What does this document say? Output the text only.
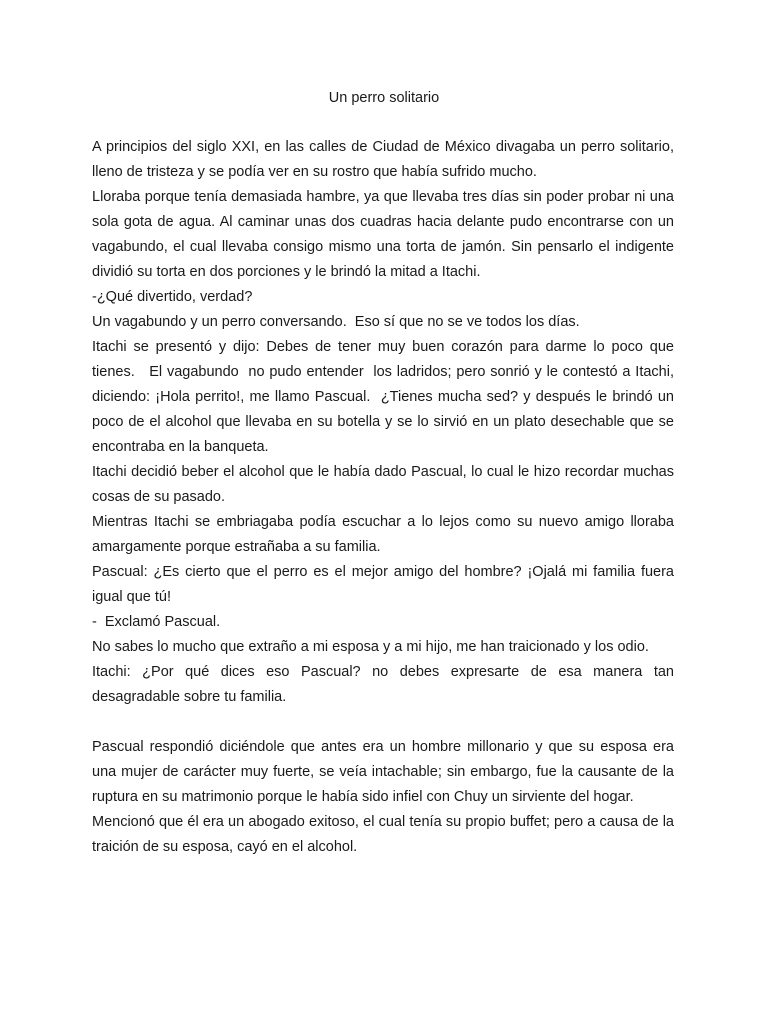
Un perro solitario

A principios del siglo XXI, en las calles de Ciudad de México divagaba un perro solitario, lleno de tristeza y se podía ver en su rostro que había sufrido mucho.

Lloraba porque tenía demasiada hambre, ya que llevaba tres días sin poder probar ni una sola gota de agua. Al caminar unas dos cuadras hacia delante pudo encontrarse con un vagabundo, el cual llevaba consigo mismo una torta de jamón. Sin pensarlo el indigente dividió su torta en dos porciones y le brindó la mitad a Itachi.

-¿Qué divertido, verdad?

Un vagabundo y un perro conversando.  Eso sí que no se ve todos los días.

Itachi se presentó y dijo: Debes de tener muy buen corazón para darme lo poco que tienes.   El vagabundo  no pudo entender  los ladridos; pero sonrió y le contestó a Itachi, diciendo: ¡Hola perrito!, me llamo Pascual.  ¿Tienes mucha sed? y después le brindó un poco de el alcohol que llevaba en su botella y se lo sirvió en un plato desechable que se encontraba en la banqueta.

Itachi decidió beber el alcohol que le había dado Pascual, lo cual le hizo recordar muchas cosas de su pasado.

Mientras Itachi se embriagaba podía escuchar a lo lejos como su nuevo amigo lloraba amargamente porque estrañaba a su familia.

Pascual: ¿Es cierto que el perro es el mejor amigo del hombre? ¡Ojalá mi familia fuera igual que tú!

-  Exclamó Pascual.

No sabes lo mucho que extraño a mi esposa y a mi hijo, me han traicionado y los odio.

Itachi: ¿Por qué dices eso Pascual? no debes expresarte de esa manera tan desagradable sobre tu familia.

Pascual respondió diciéndole que antes era un hombre millonario y que su esposa era una mujer de carácter muy fuerte, se veía intachable; sin embargo, fue la causante de la ruptura en su matrimonio porque le había sido infiel con Chuy un sirviente del hogar.

Mencionó que él era un abogado exitoso, el cual tenía su propio buffet; pero a causa de la traición de su esposa, cayó en el alcohol.
